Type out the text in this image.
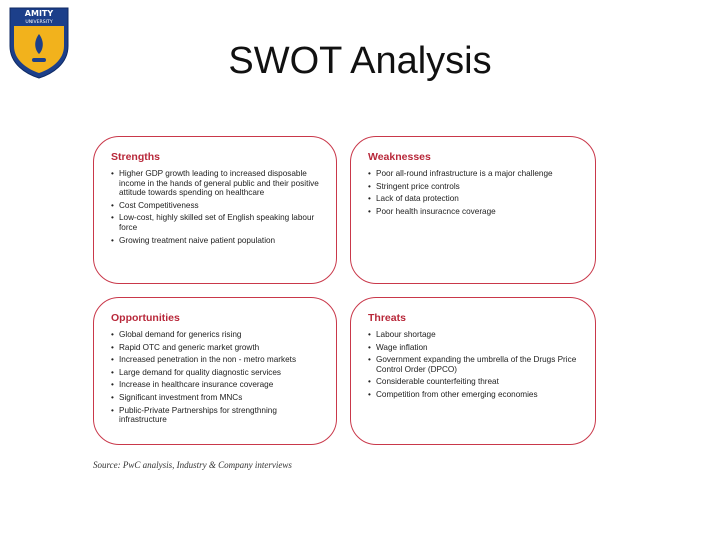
AMITY
UNIVERSITY
SWOT Analysis
Strengths
• Higher GDP growth leading to increased disposable income in the hands of general public and their positive attitude towards spending on healthcare
• Cost Competitiveness
• Low-cost, highly skilled set of English speaking labour force
• Growing treatment naive patient population
Weaknesses
• Poor all-round infrastructure is a major challenge
• Stringent price controls
• Lack of data protection
• Poor health insuracnce coverage
Opportunities
• Global demand for generics rising
• Rapid OTC and generic market growth
• Increased penetration in the non - metro markets
• Large demand for quality diagnostic services
• Increase in healthcare insurance coverage
• Significant investment from MNCs
• Public-Private Partnerships for strengthning infrastructure
Threats
• Labour shortage
• Wage inflation
• Government expanding the umbrella of the Drugs Price Control Order (DPCO)
• Considerable counterfeiting threat
• Competition from other emerging economies
Source: PwC analysis, Industry & Company interviews
